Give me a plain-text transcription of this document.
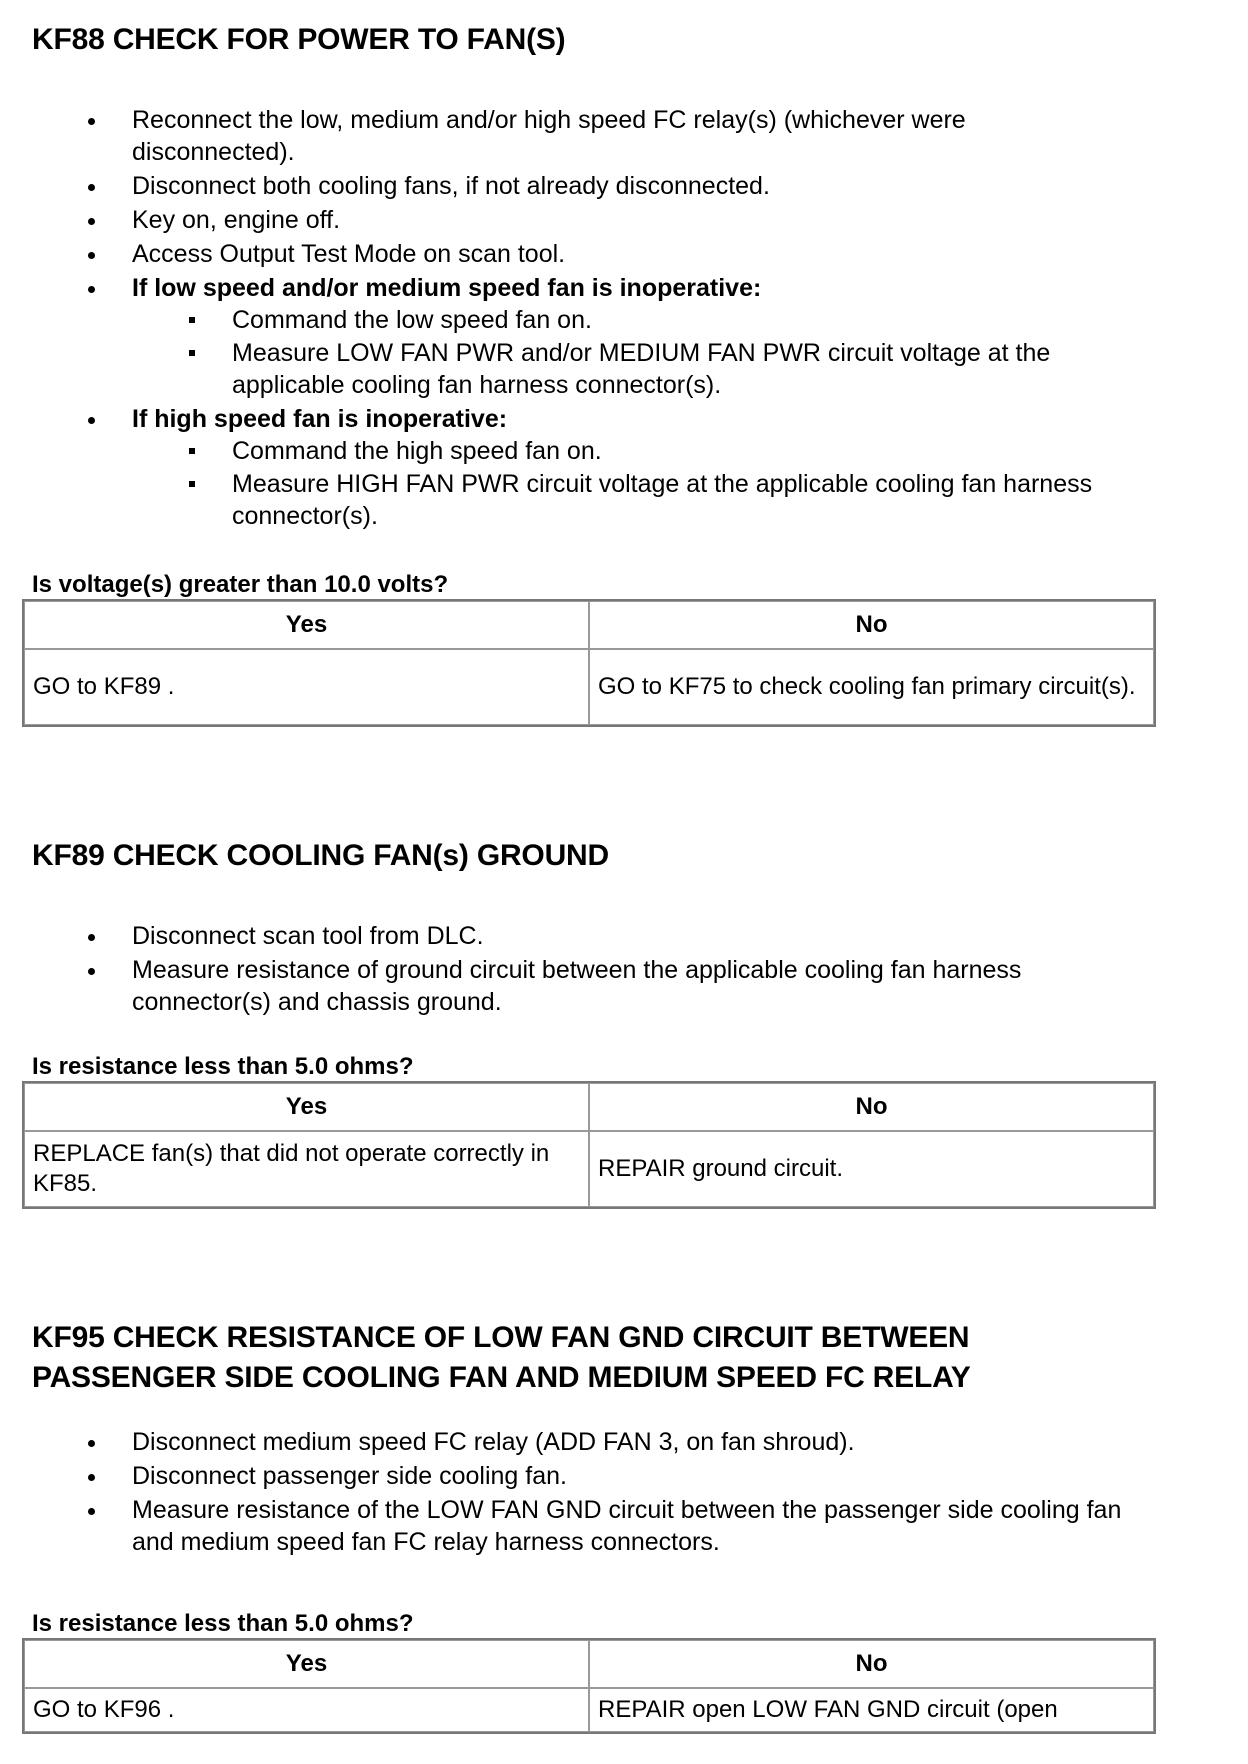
KF88 CHECK FOR POWER TO FAN(S)
Reconnect the low, medium and/or high speed FC relay(s) (whichever were disconnected).
Disconnect both cooling fans, if not already disconnected.
Key on, engine off.
Access Output Test Mode on scan tool.
If low speed and/or medium speed fan is inoperative:
Command the low speed fan on.
Measure LOW FAN PWR and/or MEDIUM FAN PWR circuit voltage at the applicable cooling fan harness connector(s).
If high speed fan is inoperative:
Command the high speed fan on.
Measure HIGH FAN PWR circuit voltage at the applicable cooling fan harness connector(s).

Is voltage(s) greater than 10.0 volts?

Yes	No
GO to KF89 .	GO to KF75 to check cooling fan primary circuit(s).
KF89 CHECK COOLING FAN(s) GROUND
Disconnect scan tool from DLC.
Measure resistance of ground circuit between the applicable cooling fan harness connector(s) and chassis ground.

Is resistance less than 5.0 ohms?

Yes	No
REPLACE fan(s) that did not operate correctly in KF85.	REPAIR ground circuit.
KF95 CHECK RESISTANCE OF LOW FAN GND CIRCUIT BETWEEN
PASSENGER SIDE COOLING FAN AND MEDIUM SPEED FC RELAY
Disconnect medium speed FC relay (ADD FAN 3, on fan shroud).
Disconnect passenger side cooling fan.
Measure resistance of the LOW FAN GND circuit between the passenger side cooling fan and medium speed fan FC relay harness connectors.

Is resistance less than 5.0 ohms?

Yes	No
GO to KF96 .	REPAIR open LOW FAN GND circuit (open
